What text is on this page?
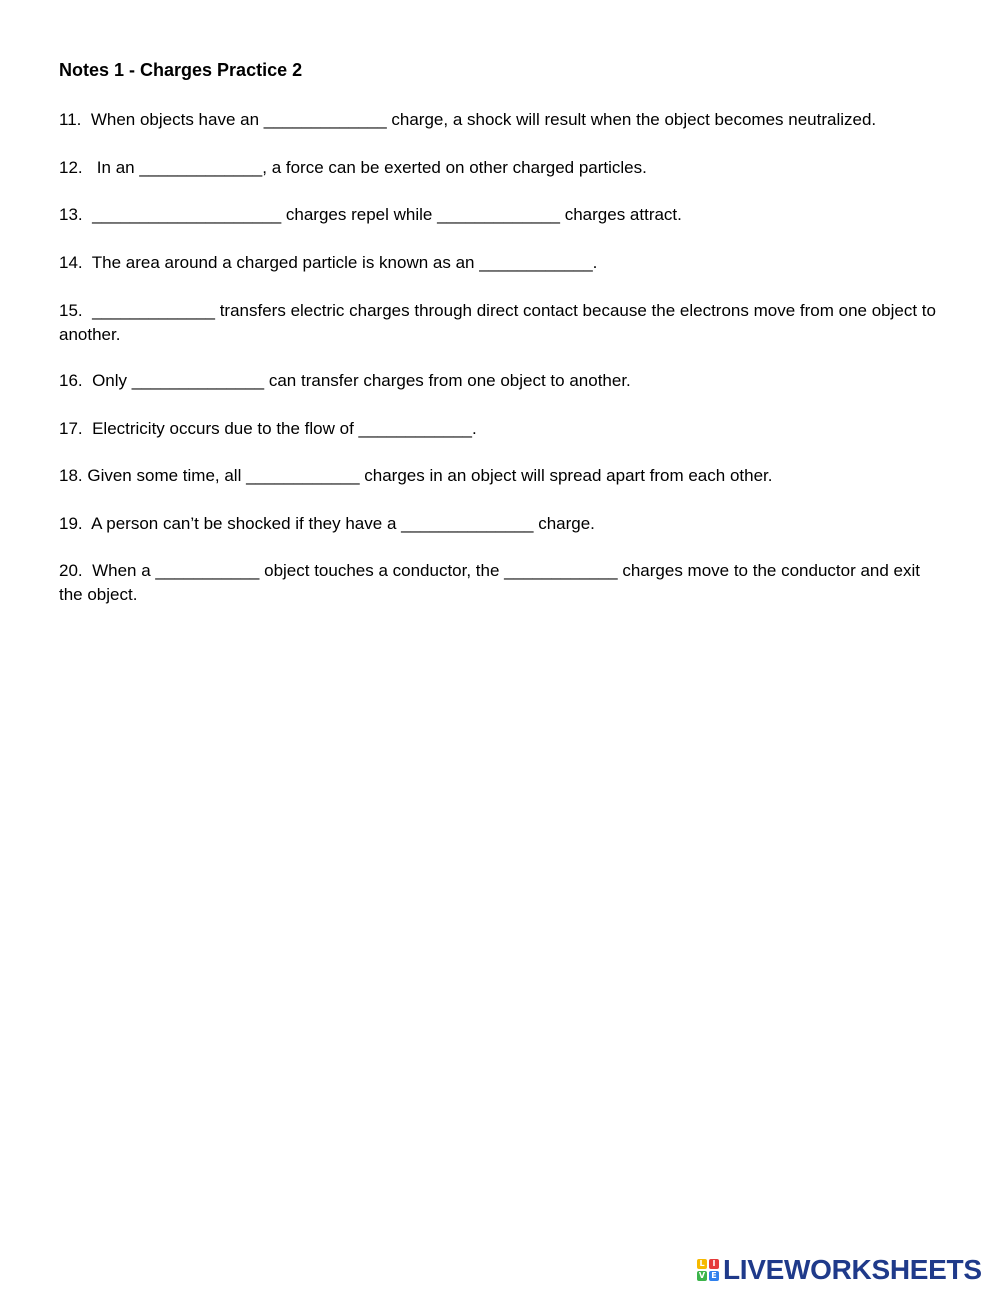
Notes 1 - Charges Practice 2

11.  When objects have an _____________ charge, a shock will result when the object becomes neutralized.

12.   In an _____________, a force can be exerted on other charged particles.

13.  ____________________ charges repel while _____________ charges attract.

14.  The area around a charged particle is known as an ____________.

15.  _____________ transfers electric charges through direct contact because the electrons move from one object to another.

16.  Only ______________ can transfer charges from one object to another.

17.  Electricity occurs due to the flow of ____________.

18. Given some time, all ____________ charges in an object will spread apart from each other.

19.  A person can’t be shocked if they have a ______________ charge.

20.  When a ___________ object touches a conductor, the ____________ charges move to the conductor and exit the object.

L I
V E LIVEWORKSHEETS
